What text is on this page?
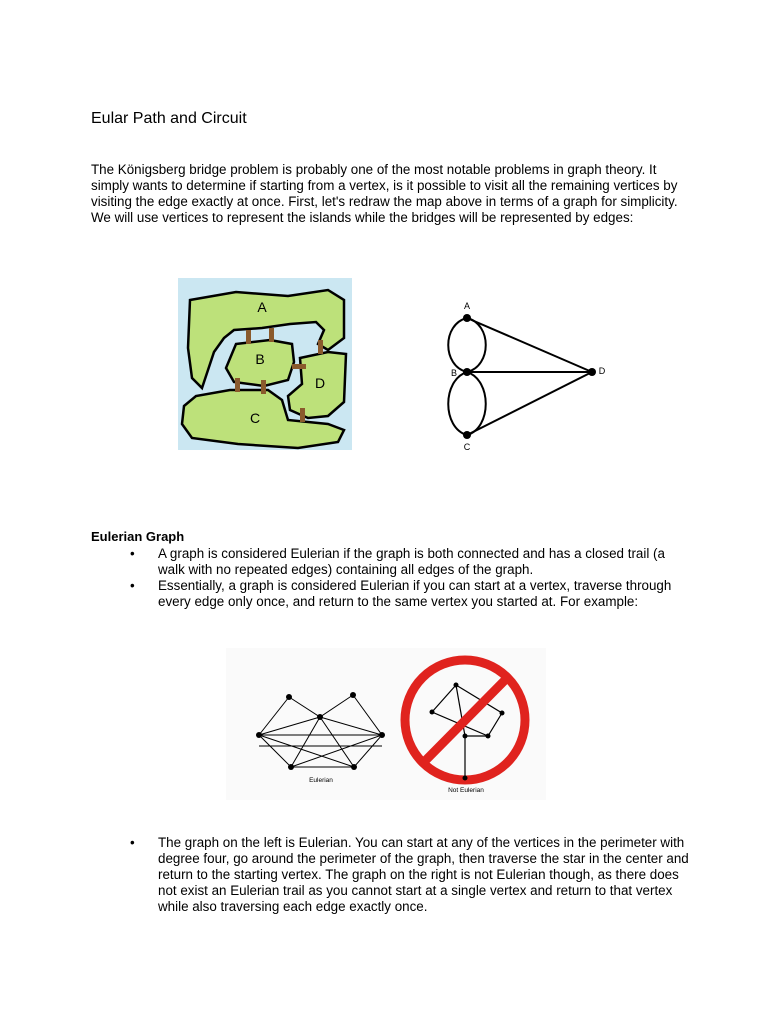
Eular Path and Circuit

The Königsberg bridge problem is probably one of the most notable problems in graph theory. It simply wants to determine if starting from a vertex, is it possible to visit all the remaining vertices by visiting the edge exactly at once. First, let's redraw the map above in terms of a graph for simplicity. We will use vertices to represent the islands while the bridges will be represented by edges:

A
B
C
D
A
B
C
D
Eulerian Graph
• A graph is considered Eulerian if the graph is both connected and has a closed trail (a walk with no repeated edges) containing all edges of the graph.
• Essentially, a graph is considered Eulerian if you can start at a vertex, traverse through every edge only once, and return to the same vertex you started at. For example:
Eulerian
Not Eulerian
• The graph on the left is Eulerian. You can start at any of the vertices in the perimeter with degree four, go around the perimeter of the graph, then traverse the star in the center and return to the starting vertex. The graph on the right is not Eulerian though, as there does not exist an Eulerian trail as you cannot start at a single vertex and return to that vertex while also traversing each edge exactly once.
